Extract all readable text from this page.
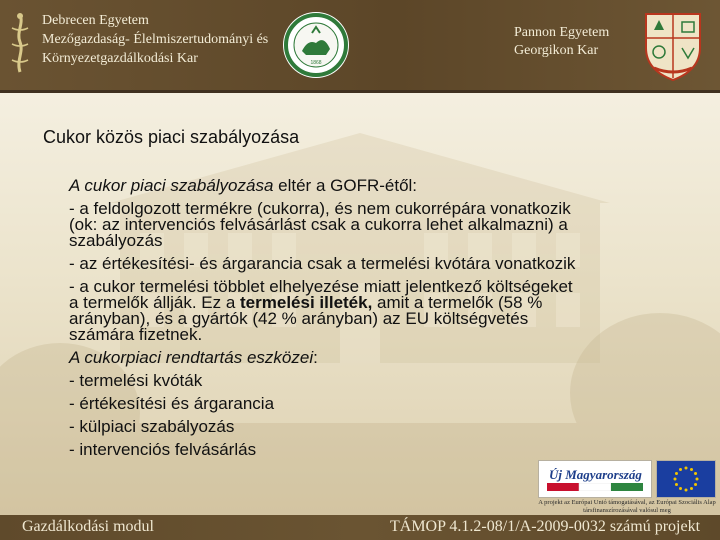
Debrecen Egyetem
Mezőgazdaság- Élelmiszertudományi és
Környezetgazdálkodási Kar	1868
Pannon Egyetem
Georgikon Kar
Cukor közös piaci szabályozása
A cukor piaci szabályozása eltér a GOFR-étől:
- a feldolgozott termékre (cukorra), és nem cukorrépára vonatkozik
(ok: az intervenciós felvásárlást csak a cukorra lehet alkalmazni) a
szabályozás
- az értékesítési- és árgarancia csak a termelési kvótára vonatkozik
- a cukor termelési többlet elhelyezése miatt jelentkező költségeket
a termelők állják. Ez a termelési illeték, amit a termelők (58 %
arányban), és a gyártók (42 % arányban) az EU költségvetés
számára fizetnek.
A cukorpiaci rendtartás eszközei:
- termelési kvóták
- értékesítési és árgarancia
- külpiaci szabályozás
- intervenciós felvásárlás
Új Magyarország
A projekt az Európai Unió támogatásával, az Európai Szociális Alap társfinanszírozásával valósul meg
Gazdálkodási modul	TÁMOP 4.1.2-08/1/A-2009-0032 számú projekt
